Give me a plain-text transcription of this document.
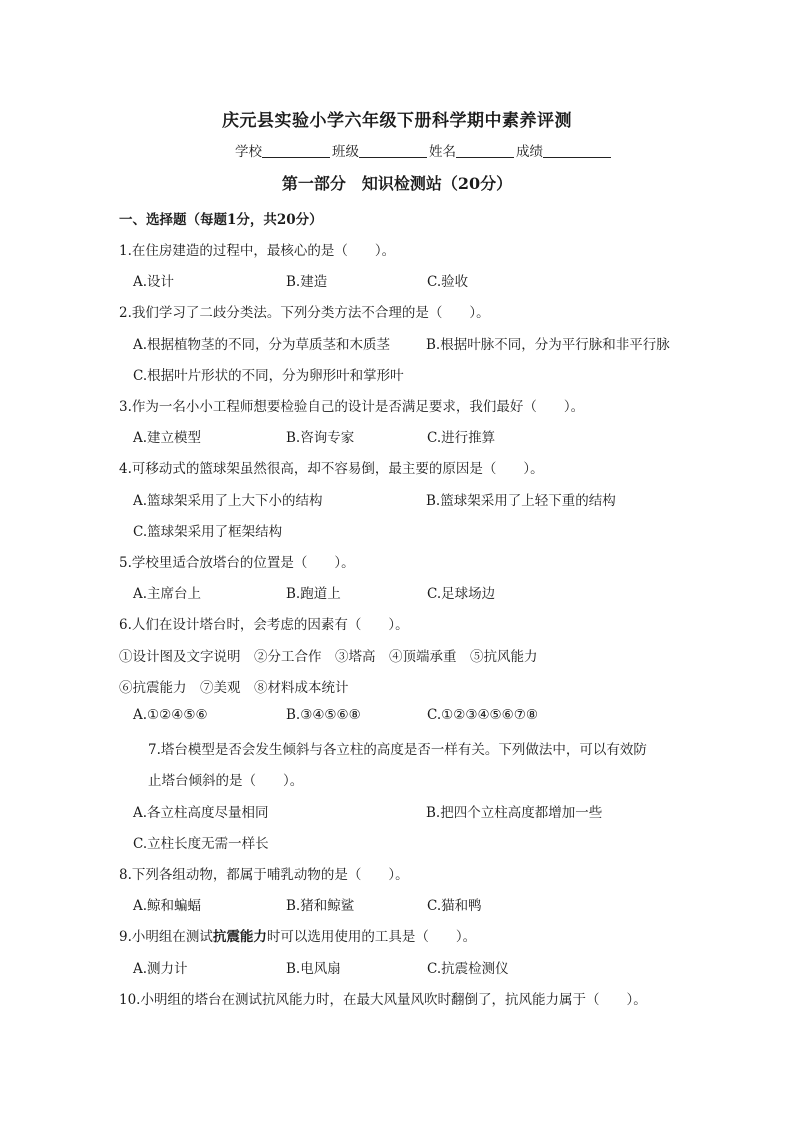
庆元县实验小学六年级下册科学期中素养评测
学校	班级	姓名	成绩
第一部分　知识检测站（20分）
一、选择题（每题1分，共20分）
1.在住房建造的过程中，最核心的是（　　）。
A.设计	B.建造	C.验收
2.我们学习了二歧分类法。下列分类方法不合理的是（　　）。
A.根据植物茎的不同，分为草质茎和木质茎	B.根据叶脉不同，分为平行脉和非平行脉
C.根据叶片形状的不同，分为卵形叶和掌形叶
3.作为一名小小工程师想要检验自己的设计是否满足要求，我们最好（　　）。
A.建立模型	B.咨询专家	C.进行推算
4.可移动式的篮球架虽然很高，却不容易倒，最主要的原因是（　　）。
A.篮球架采用了上大下小的结构	B.篮球架采用了上轻下重的结构
C.篮球架采用了框架结构
5.学校里适合放塔台的位置是（　　）。
A.主席台上	B.跑道上	C.足球场边
6.人们在设计塔台时，会考虑的因素有（　　）。
①设计图及文字说明　②分工合作　③塔高　④顶端承重　⑤抗风能力
⑥抗震能力　⑦美观　⑧材料成本统计
A.①②④⑤⑥	B.③④⑤⑥⑧	C.①②③④⑤⑥⑦⑧
7.塔台模型是否会发生倾斜与各立柱的高度是否一样有关。下列做法中，可以有效防
止塔台倾斜的是（　　）。
A.各立柱高度尽量相同	B.把四个立柱高度都增加一些
C.立柱长度无需一样长
8.下列各组动物，都属于哺乳动物的是（　　）。
A.鲸和蝙蝠	B.猪和鲸鲨	C.猫和鸭
9.小明组在测试抗震能力时可以选用使用的工具是（　　）。
A.测力计	B.电风扇	C.抗震检测仪
10.小明组的塔台在测试抗风能力时，在最大风量风吹时翻倒了，抗风能力属于（　　）。
